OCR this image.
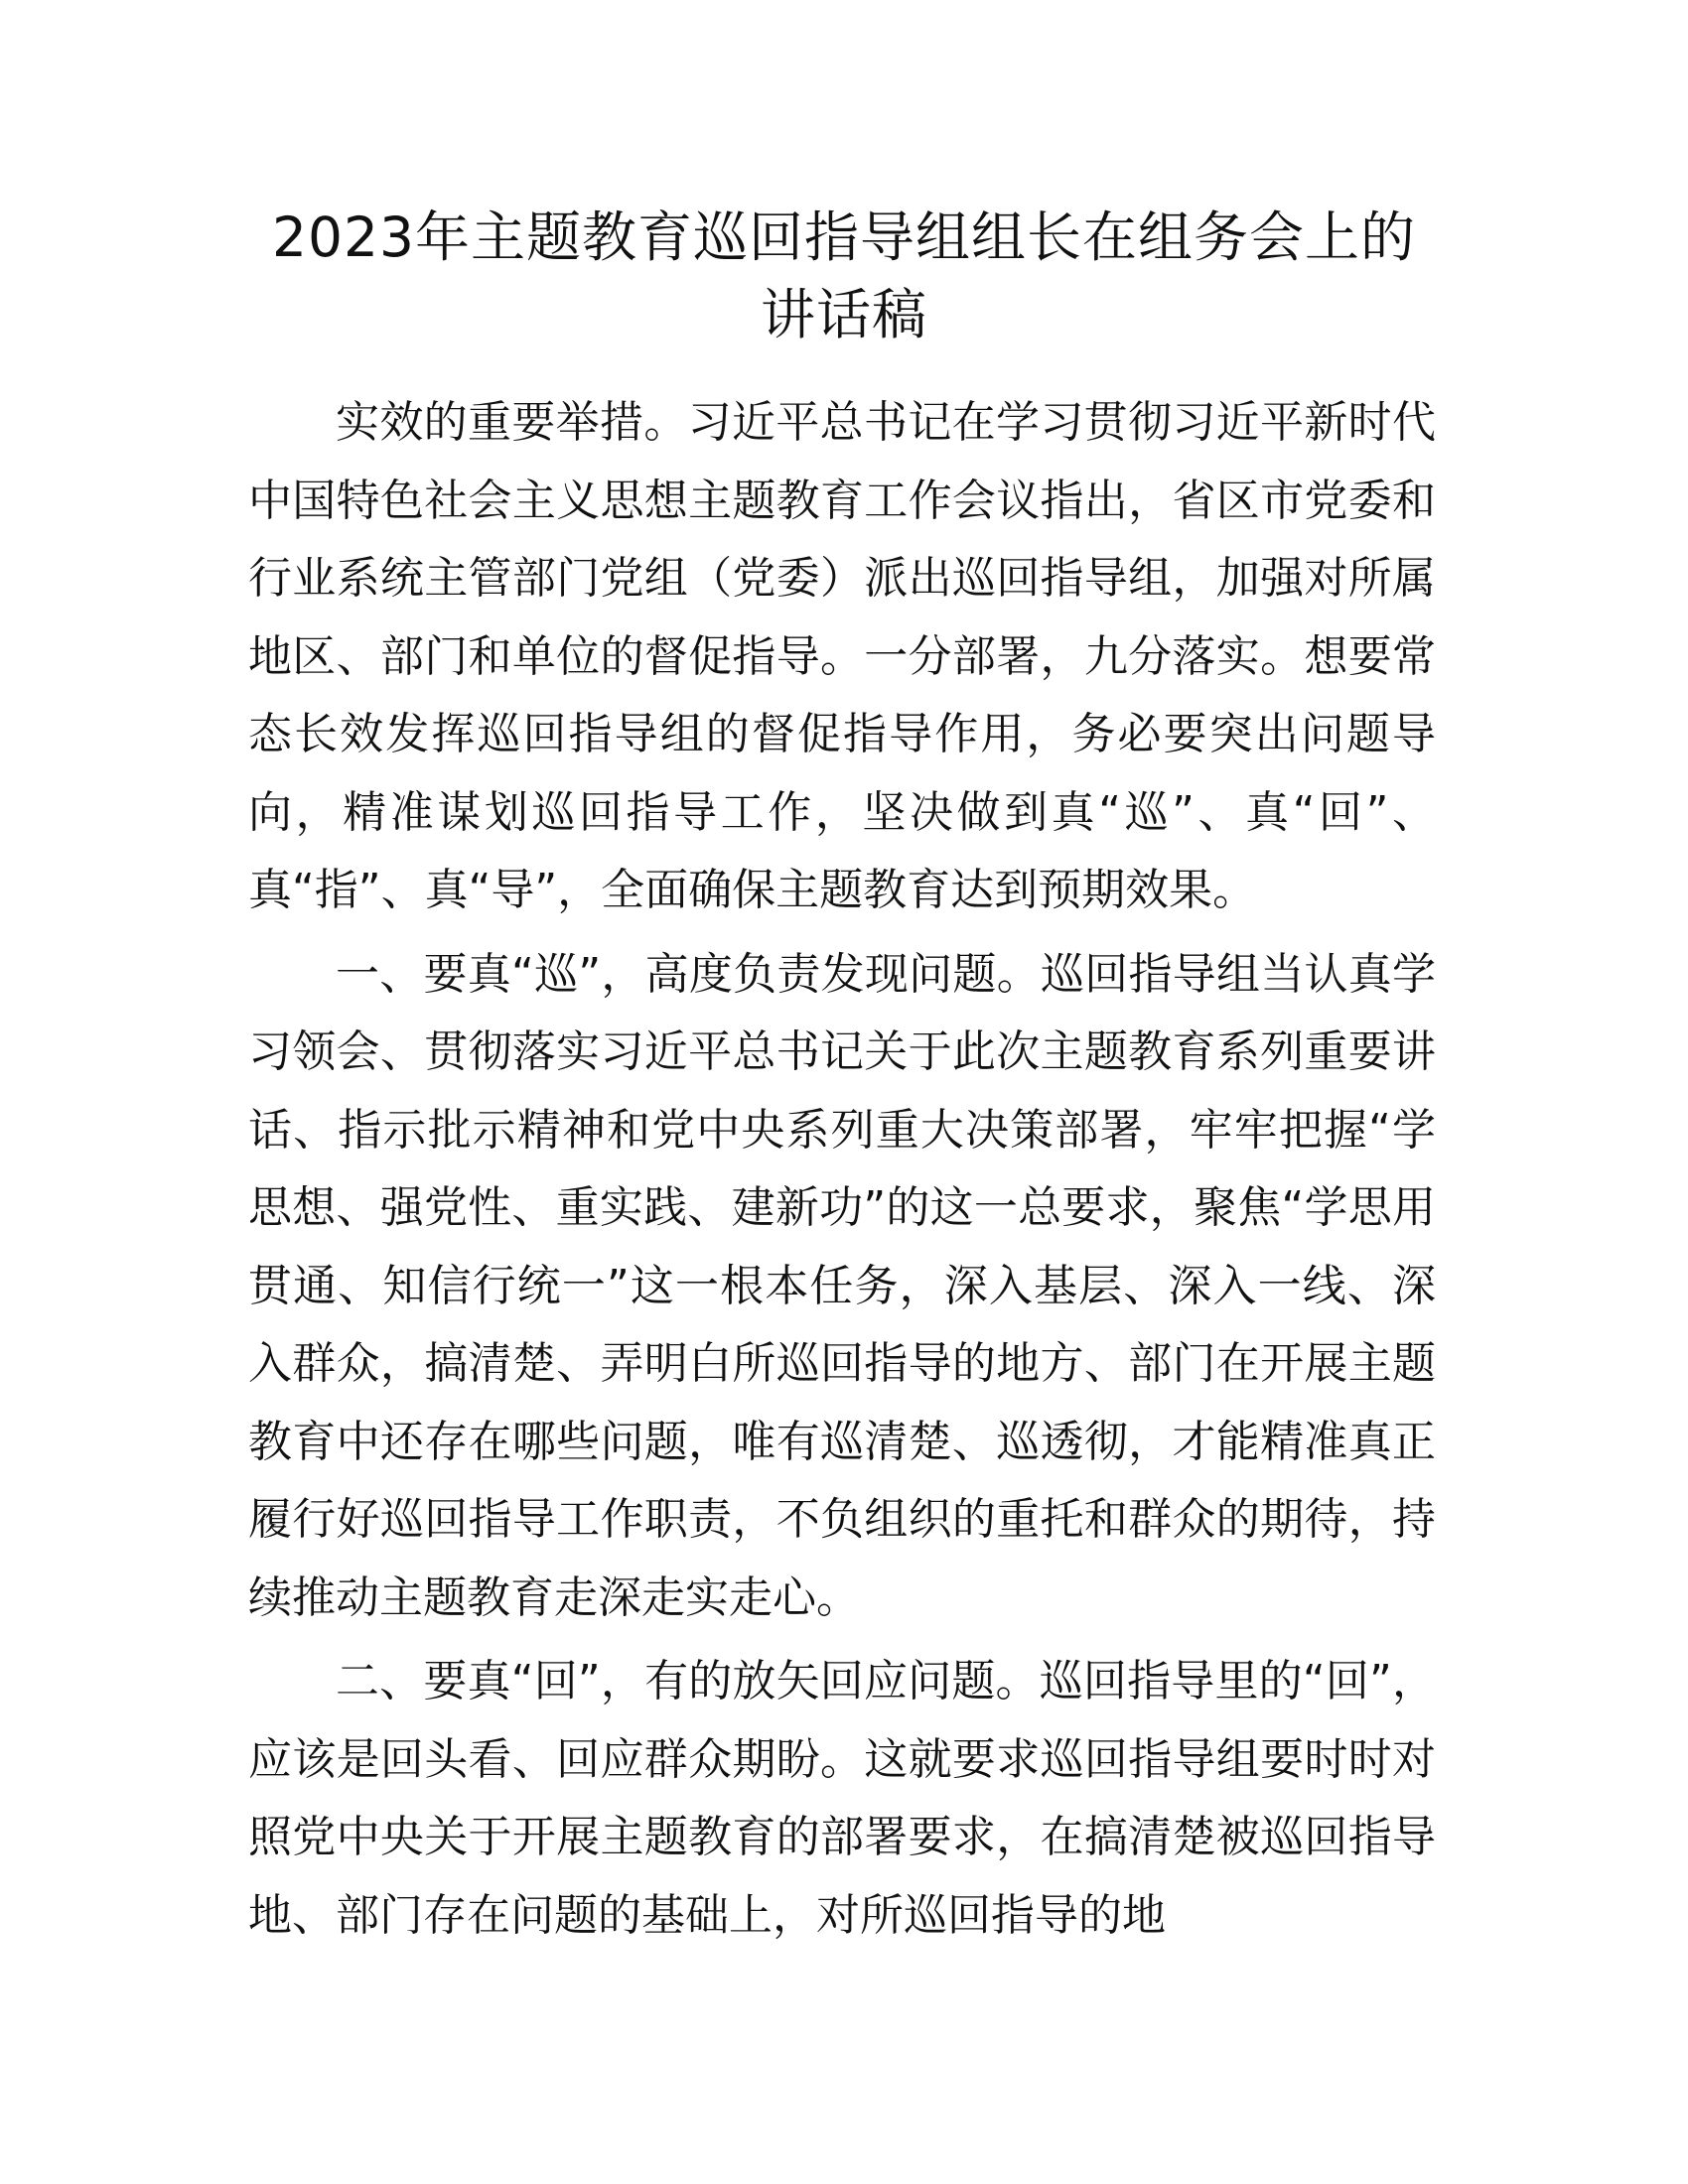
2023年主题教育巡回指导组组长在组务会上的
讲话稿

实效的重要举措。习近平总书记在学习贯彻习近平新时代中国特色社会主义思想主题教育工作会议指出，省区市党委和行业系统主管部门党组（党委）派出巡回指导组，加强对所属地区、部门和单位的督促指导。一分部署，九分落实。想要常态长效发挥巡回指导组的督促指导作用，务必要突出问题导向，精准谋划巡回指导工作，坚决做到真“巡”、真“回”、真“指”、真“导”，全面确保主题教育达到预期效果。

一、要真“巡”，高度负责发现问题。巡回指导组当认真学习领会、贯彻落实习近平总书记关于此次主题教育系列重要讲话、指示批示精神和党中央系列重大决策部署，牢牢把握“学思想、强党性、重实践、建新功”的这一总要求，聚焦“学思用贯通、知信行统一”这一根本任务，深入基层、深入一线、深入群众，搞清楚、弄明白所巡回指导的地方、部门在开展主题教育中还存在哪些问题，唯有巡清楚、巡透彻，才能精准真正履行好巡回指导工作职责，不负组织的重托和群众的期待，持续推动主题教育走深走实走心。

二、要真“回”，有的放矢回应问题。巡回指导里的“回”，应该是回头看、回应群众期盼。这就要求巡回指导组要时时对照党中央关于开展主题教育的部署要求，在搞清楚被巡回指导地、部门存在问题的基础上，对所巡回指导的地
